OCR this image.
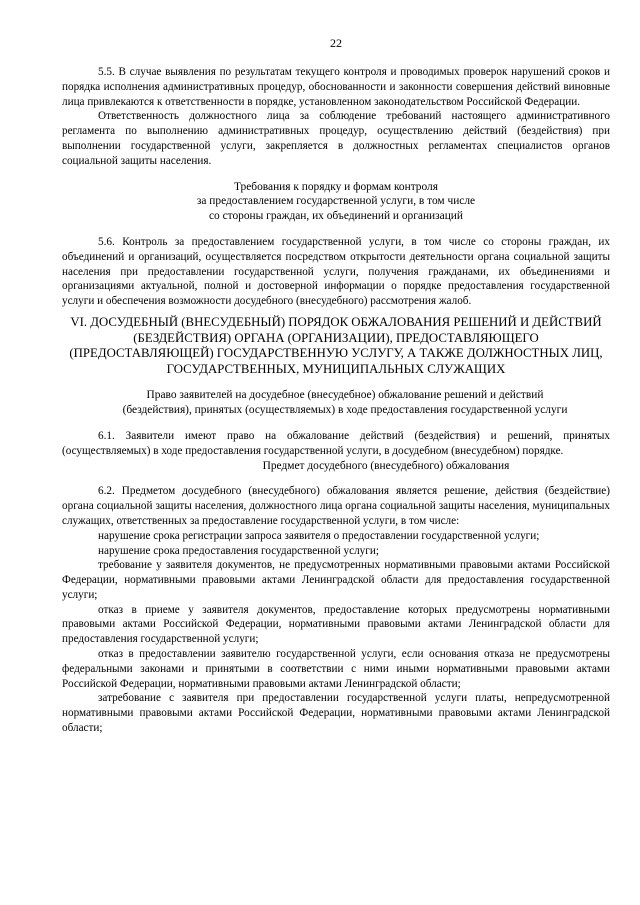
22

5.5. В случае выявления по результатам текущего контроля и проводимых проверок нарушений сроков и порядка исполнения административных процедур, обоснованности и законности совершения действий виновные лица привлекаются к ответственности в порядке, установленном законодательством Российской Федерации.

Ответственность должностного лица за соблюдение требований настоящего административного регламента по выполнению административных процедур, осуществлению действий (бездействия) при выполнении государственной услуги, закрепляется в должностных регламентах специалистов органов социальной защиты населения.

Требования к порядку и формам контроля
за предоставлением государственной услуги, в том числе
со стороны граждан, их объединений и организаций

5.6. Контроль за предоставлением государственной услуги, в том числе со стороны граждан, их объединений и организаций, осуществляется посредством открытости деятельности органа социальной защиты населения при предоставлении государственной услуги, получения гражданами, их объединениями и организациями актуальной, полной и достоверной информации о порядке предоставления государственной услуги и обеспечения возможности досудебного (внесудебного) рассмотрения жалоб.

VI. ДОСУДЕБНЫЙ (ВНЕСУДЕБНЫЙ) ПОРЯДОК ОБЖАЛОВАНИЯ РЕШЕНИЙ И ДЕЙСТВИЙ (БЕЗДЕЙСТВИЯ) ОРГАНА (ОРГАНИЗАЦИИ), ПРЕДОСТАВЛЯЮЩЕГО (ПРЕДОСТАВЛЯЮЩЕЙ) ГОСУДАРСТВЕННУЮ УСЛУГУ, А ТАКЖЕ ДОЛЖНОСТНЫХ ЛИЦ, ГОСУДАРСТВЕННЫХ, МУНИЦИПАЛЬНЫХ СЛУЖАЩИХ
Право заявителей на досудебное (внесудебное) обжалование решений и действий
(бездействия), принятых (осуществляемых) в ходе предоставления государственной услуги

6.1. Заявители имеют право на обжалование действий (бездействия) и решений, принятых (осуществляемых) в ходе предоставления государственной услуги, в досудебном (внесудебном) порядке.

Предмет досудебного (внесудебного) обжалования

6.2. Предметом досудебного (внесудебного) обжалования является решение, действия (бездействие) органа социальной защиты населения, должностного лица органа социальной защиты населения, муниципальных служащих, ответственных за предоставление государственной услуги, в том числе:

нарушение срока регистрации запроса заявителя о предоставлении государственной услуги;

нарушение срока предоставления государственной услуги;

требование у заявителя документов, не предусмотренных нормативными правовыми актами Российской Федерации, нормативными правовыми актами Ленинградской области для предоставления государственной услуги;

отказ в приеме у заявителя документов, предоставление которых предусмотрены нормативными правовыми актами Российской Федерации, нормативными правовыми актами Ленинградской области для предоставления государственной услуги;

отказ в предоставлении заявителю государственной услуги, если основания отказа не предусмотрены федеральными законами и принятыми в соответствии с ними иными нормативными правовыми актами Российской Федерации, нормативными правовыми актами Ленинградской области;

затребование с заявителя при предоставлении государственной услуги платы, непредусмотренной нормативными правовыми актами Российской Федерации, нормативными правовыми актами Ленинградской области;
